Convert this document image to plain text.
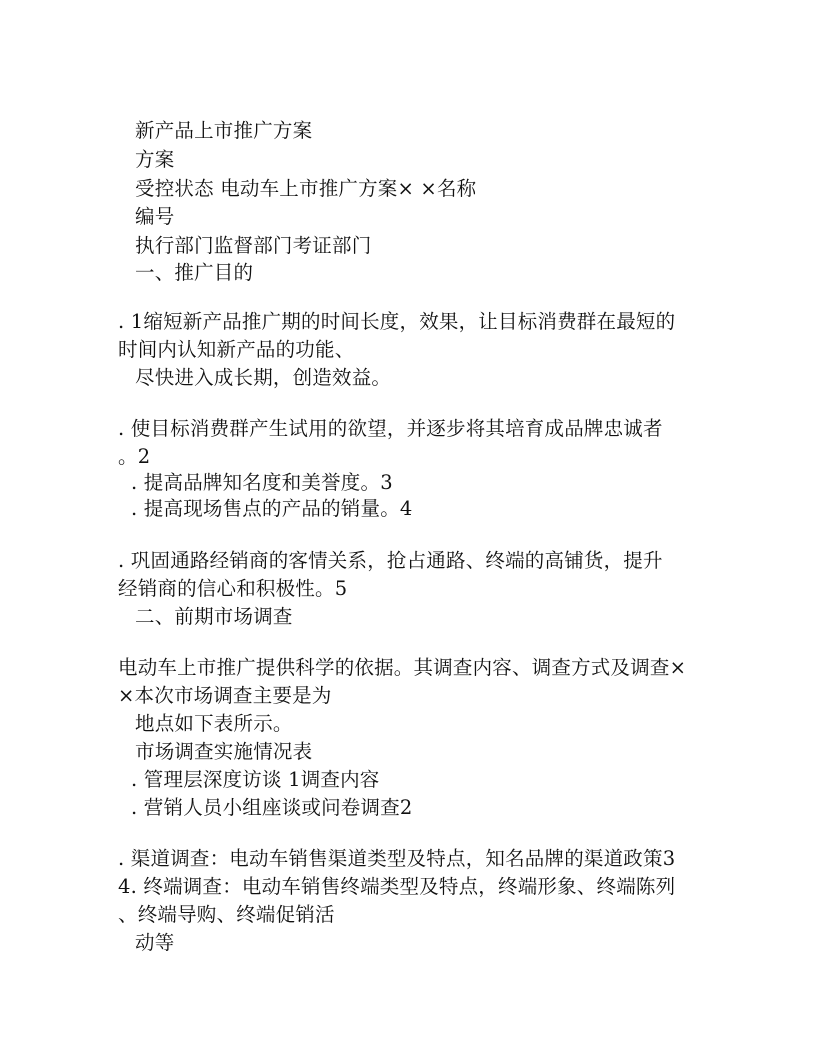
新产品上市推广方案
方案
受控状态 电动车上市推广方案× ×名称
编号
执行部门监督部门考证部门
一、推广目的
. 1缩短新产品推广期的时间长度，效果，让目标消费群在最短的
时间内认知新产品的功能、
尽快进入成长期，创造效益。
. 使目标消费群产生试用的欲望，并逐步将其培育成品牌忠诚者
。2
. 提高品牌知名度和美誉度。3
. 提高现场售点的产品的销量。4
. 巩固通路经销商的客情关系，抢占通路、终端的高铺货，提升
经销商的信心和积极性。5
二、前期市场调查
电动车上市推广提供科学的依据。其调查内容、调查方式及调查×
×本次市场调查主要是为
地点如下表所示。
市场调查实施情况表
. 管理层深度访谈 1调查内容
. 营销人员小组座谈或问卷调查2
. 渠道调查：电动车销售渠道类型及特点，知名品牌的渠道政策3
4. 终端调查：电动车销售终端类型及特点，终端形象、终端陈列
、终端导购、终端促销活
动等
